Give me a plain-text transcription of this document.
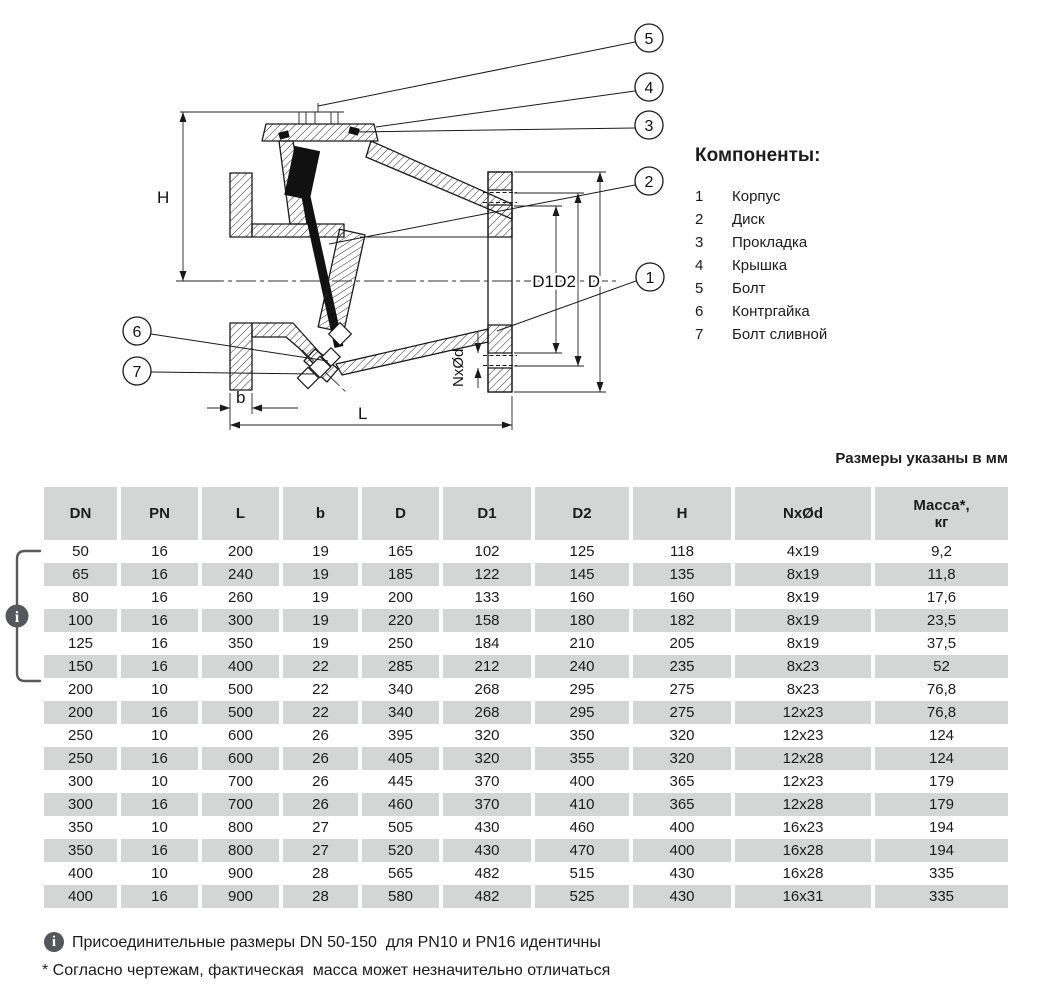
H
D1 D2 D
b
L
NxØd
5
4
3
2
1
6
7
Компоненты:
1	Корпус
2	Диск
3	Прокладка
4	Крышка
5	Болт
6	Контргайка
7	Болт сливной
Размеры указаны в мм
DN	PN	L	b	D	D1	D2	H	NxØd	Масса*,
кг

50	16	200	19	165	102	125	118	4x19	9,2
65	16	240	19	185	122	145	135	8x19	11,8
80	16	260	19	200	133	160	160	8x19	17,6
100	16	300	19	220	158	180	182	8x19	23,5
125	16	350	19	250	184	210	205	8x19	37,5
150	16	400	22	285	212	240	235	8x23	52
200	10	500	22	340	268	295	275	8x23	76,8
200	16	500	22	340	268	295	275	12x23	76,8
250	10	600	26	395	320	350	320	12x23	124
250	16	600	26	405	320	355	320	12x28	124
300	10	700	26	445	370	400	365	12x23	179
300	16	700	26	460	370	410	365	12x28	179
350	10	800	27	505	430	460	400	16x23	194
350	16	800	27	520	430	470	400	16x28	194
400	10	900	28	565	482	515	430	16x28	335
400	16	900	28	580	482	525	430	16x31	335
i
i Присоединительные размеры DN 50-150  для PN10 и PN16 идентичны
* Согласно чертежам, фактическая  масса может незначительно отличаться
